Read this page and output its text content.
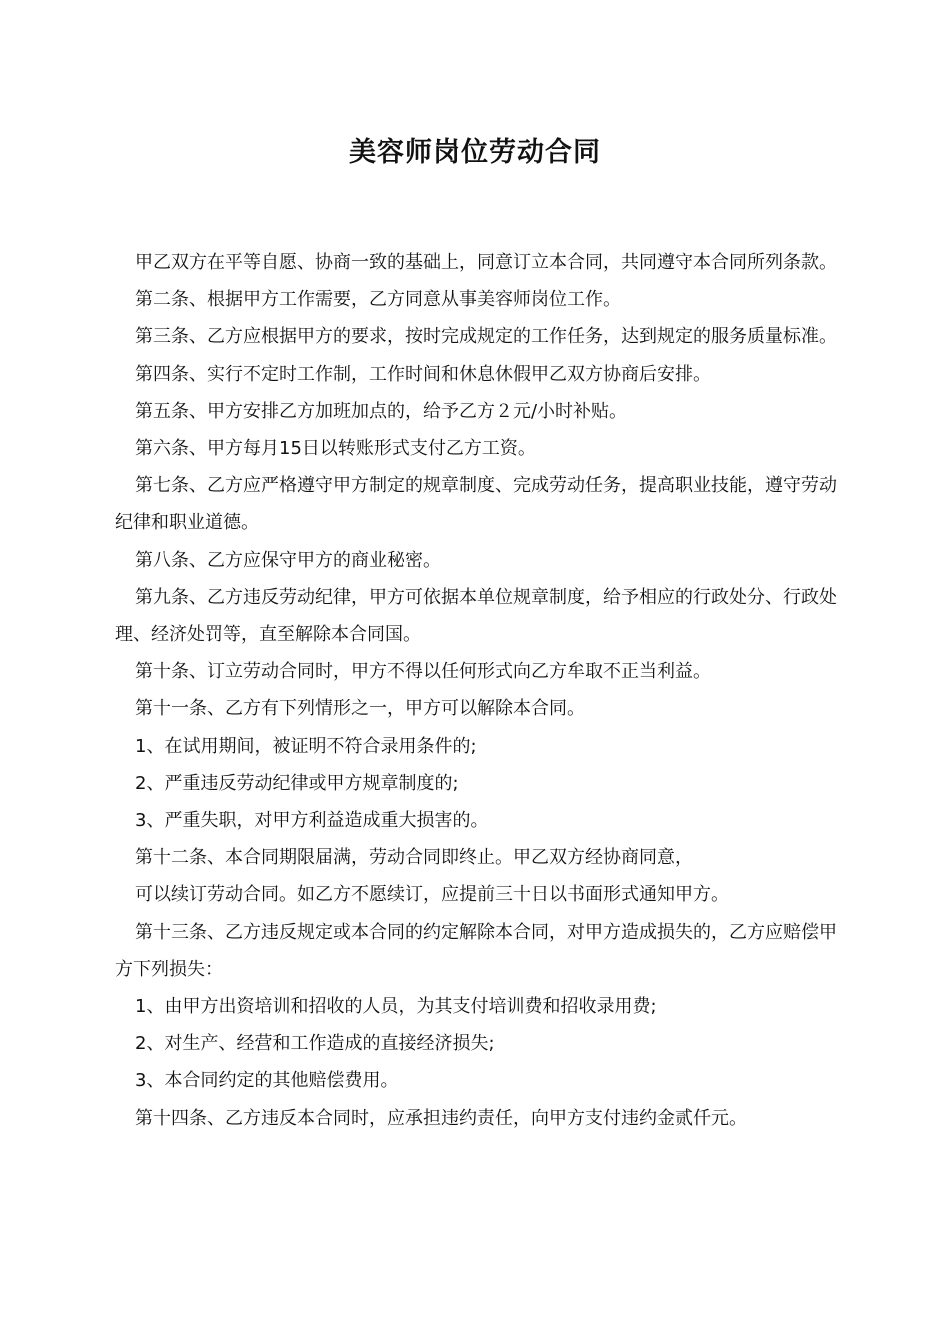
美容师岗位劳动合同

甲乙双方在平等自愿、协商一致的基础上，同意订立本合同，共同遵守本合同所列条款。

第二条、根据甲方工作需要，乙方同意从事美容师岗位工作。

第三条、乙方应根据甲方的要求，按时完成规定的工作任务，达到规定的服务质量标准。

第四条、实行不定时工作制，工作时间和休息休假甲乙双方协商后安排。

第五条、甲方安排乙方加班加点的，给予乙方２元/小时补贴。

第六条、甲方每月15日以转账形式支付乙方工资。

第七条、乙方应严格遵守甲方制定的规章制度、完成劳动任务，提高职业技能，遵守劳动纪律和职业道德。

第八条、乙方应保守甲方的商业秘密。

第九条、乙方违反劳动纪律，甲方可依据本单位规章制度，给予相应的行政处分、行政处理、经济处罚等，直至解除本合同国。

第十条、订立劳动合同时，甲方不得以任何形式向乙方牟取不正当利益。

第十一条、乙方有下列情形之一，甲方可以解除本合同。

1、在试用期间，被证明不符合录用条件的;

2、严重违反劳动纪律或甲方规章制度的;

3、严重失职，对甲方利益造成重大损害的。

第十二条、本合同期限届满，劳动合同即终止。甲乙双方经协商同意，

可以续订劳动合同。如乙方不愿续订，应提前三十日以书面形式通知甲方。

第十三条、乙方违反规定或本合同的约定解除本合同，对甲方造成损失的，乙方应赔偿甲方下列损失：

1、由甲方出资培训和招收的人员，为其支付培训费和招收录用费;

2、对生产、经营和工作造成的直接经济损失;

3、本合同约定的其他赔偿费用。

第十四条、乙方违反本合同时，应承担违约责任，向甲方支付违约金贰仟元。
